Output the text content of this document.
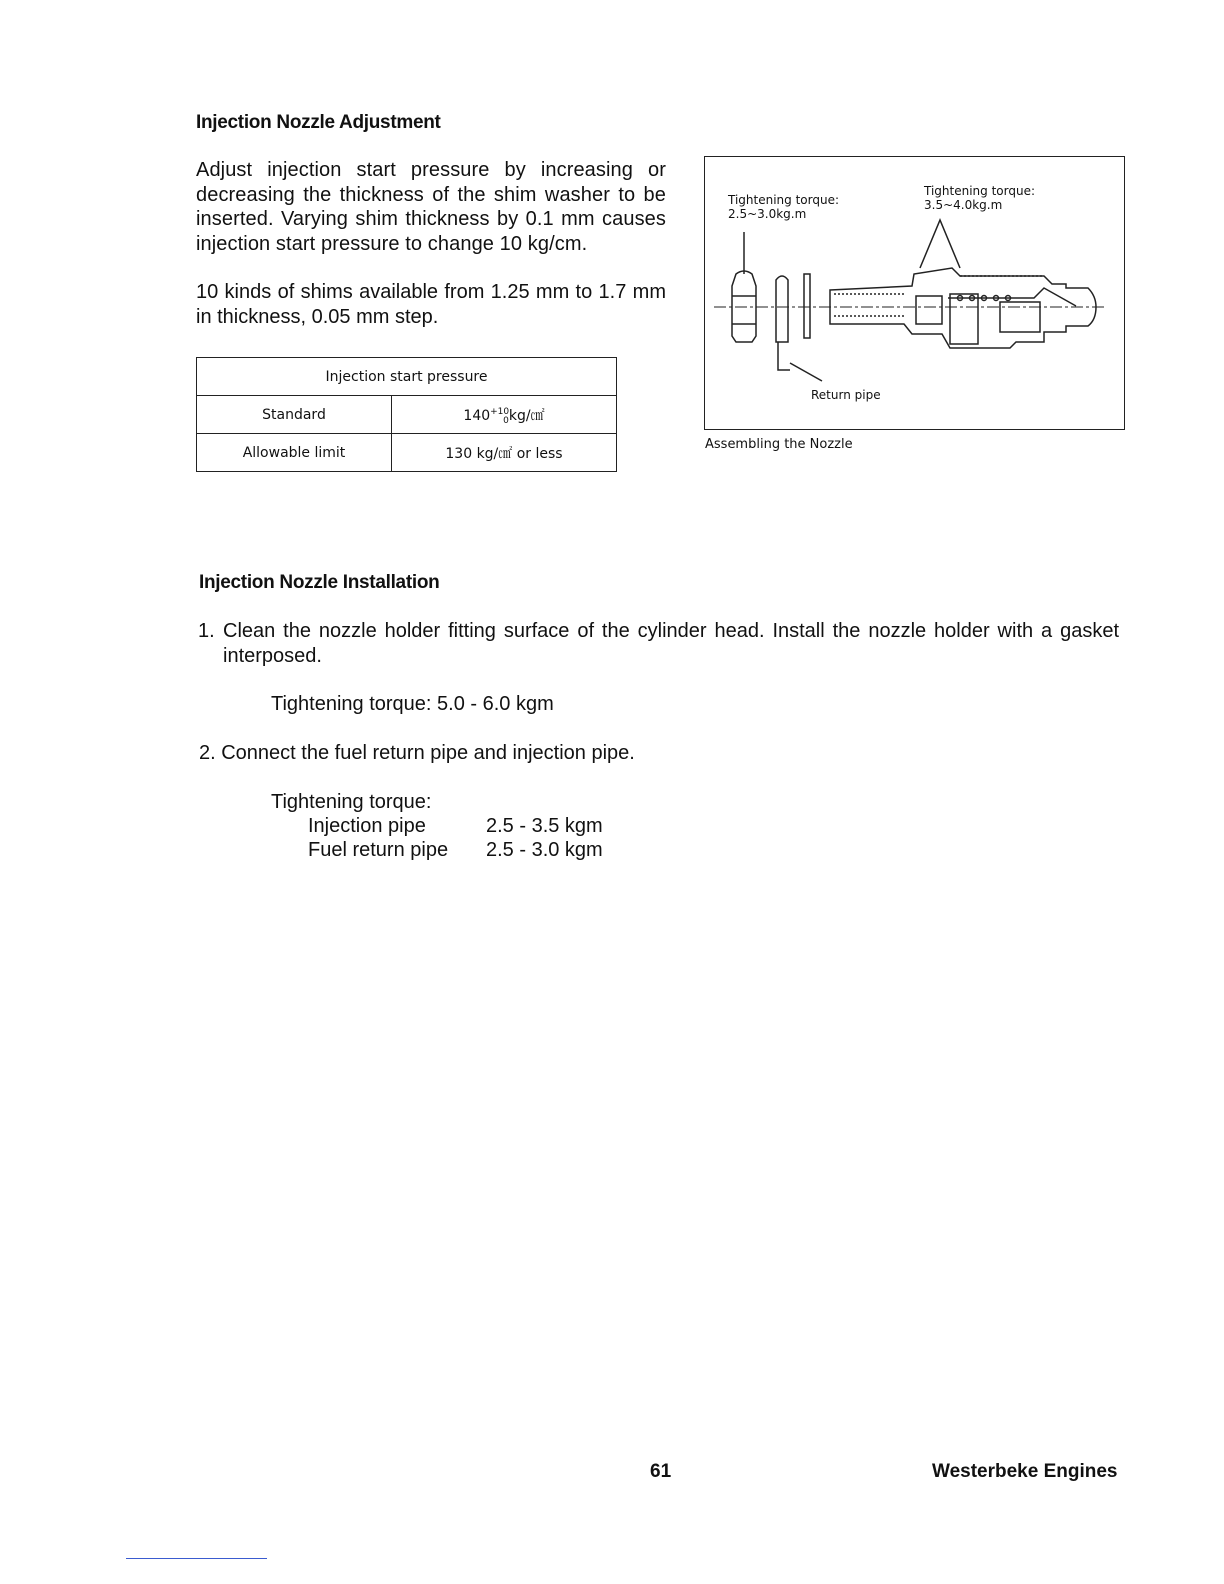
Injection Nozzle Adjustment
Adjust injection start pressure by increasing or decreasing the thickness of the shim washer to be inserted. Varying shim thickness by 0.1 mm causes injection start pressure to change 10 kg/cm.
10 kinds of shims available from 1.25 mm to 1.7 mm in thickness, 0.05 mm step.
Injection start pressure	
Standard	$140^{+10}_0kg/㎠$
Allowable limit	130 kg/㎠ or less
Tightening torque:
2.5~3.0kg.m
Tightening torque:
3.5~4.0kg.m
Return pipe
Assembling the Nozzle
Injection Nozzle Installation
1. Clean the nozzle holder fitting surface of the cylinder head. Install the nozzle holder with a gasket interposed.
Tightening torque: 5.0 - 6.0 kgm
2. Connect the fuel return pipe and injection pipe.
Tightening torque:
Injection pipe	2.5 - 3.5 kgm
Fuel return pipe 2.5 - 3.0 kgm
61	Westerbeke Engines
